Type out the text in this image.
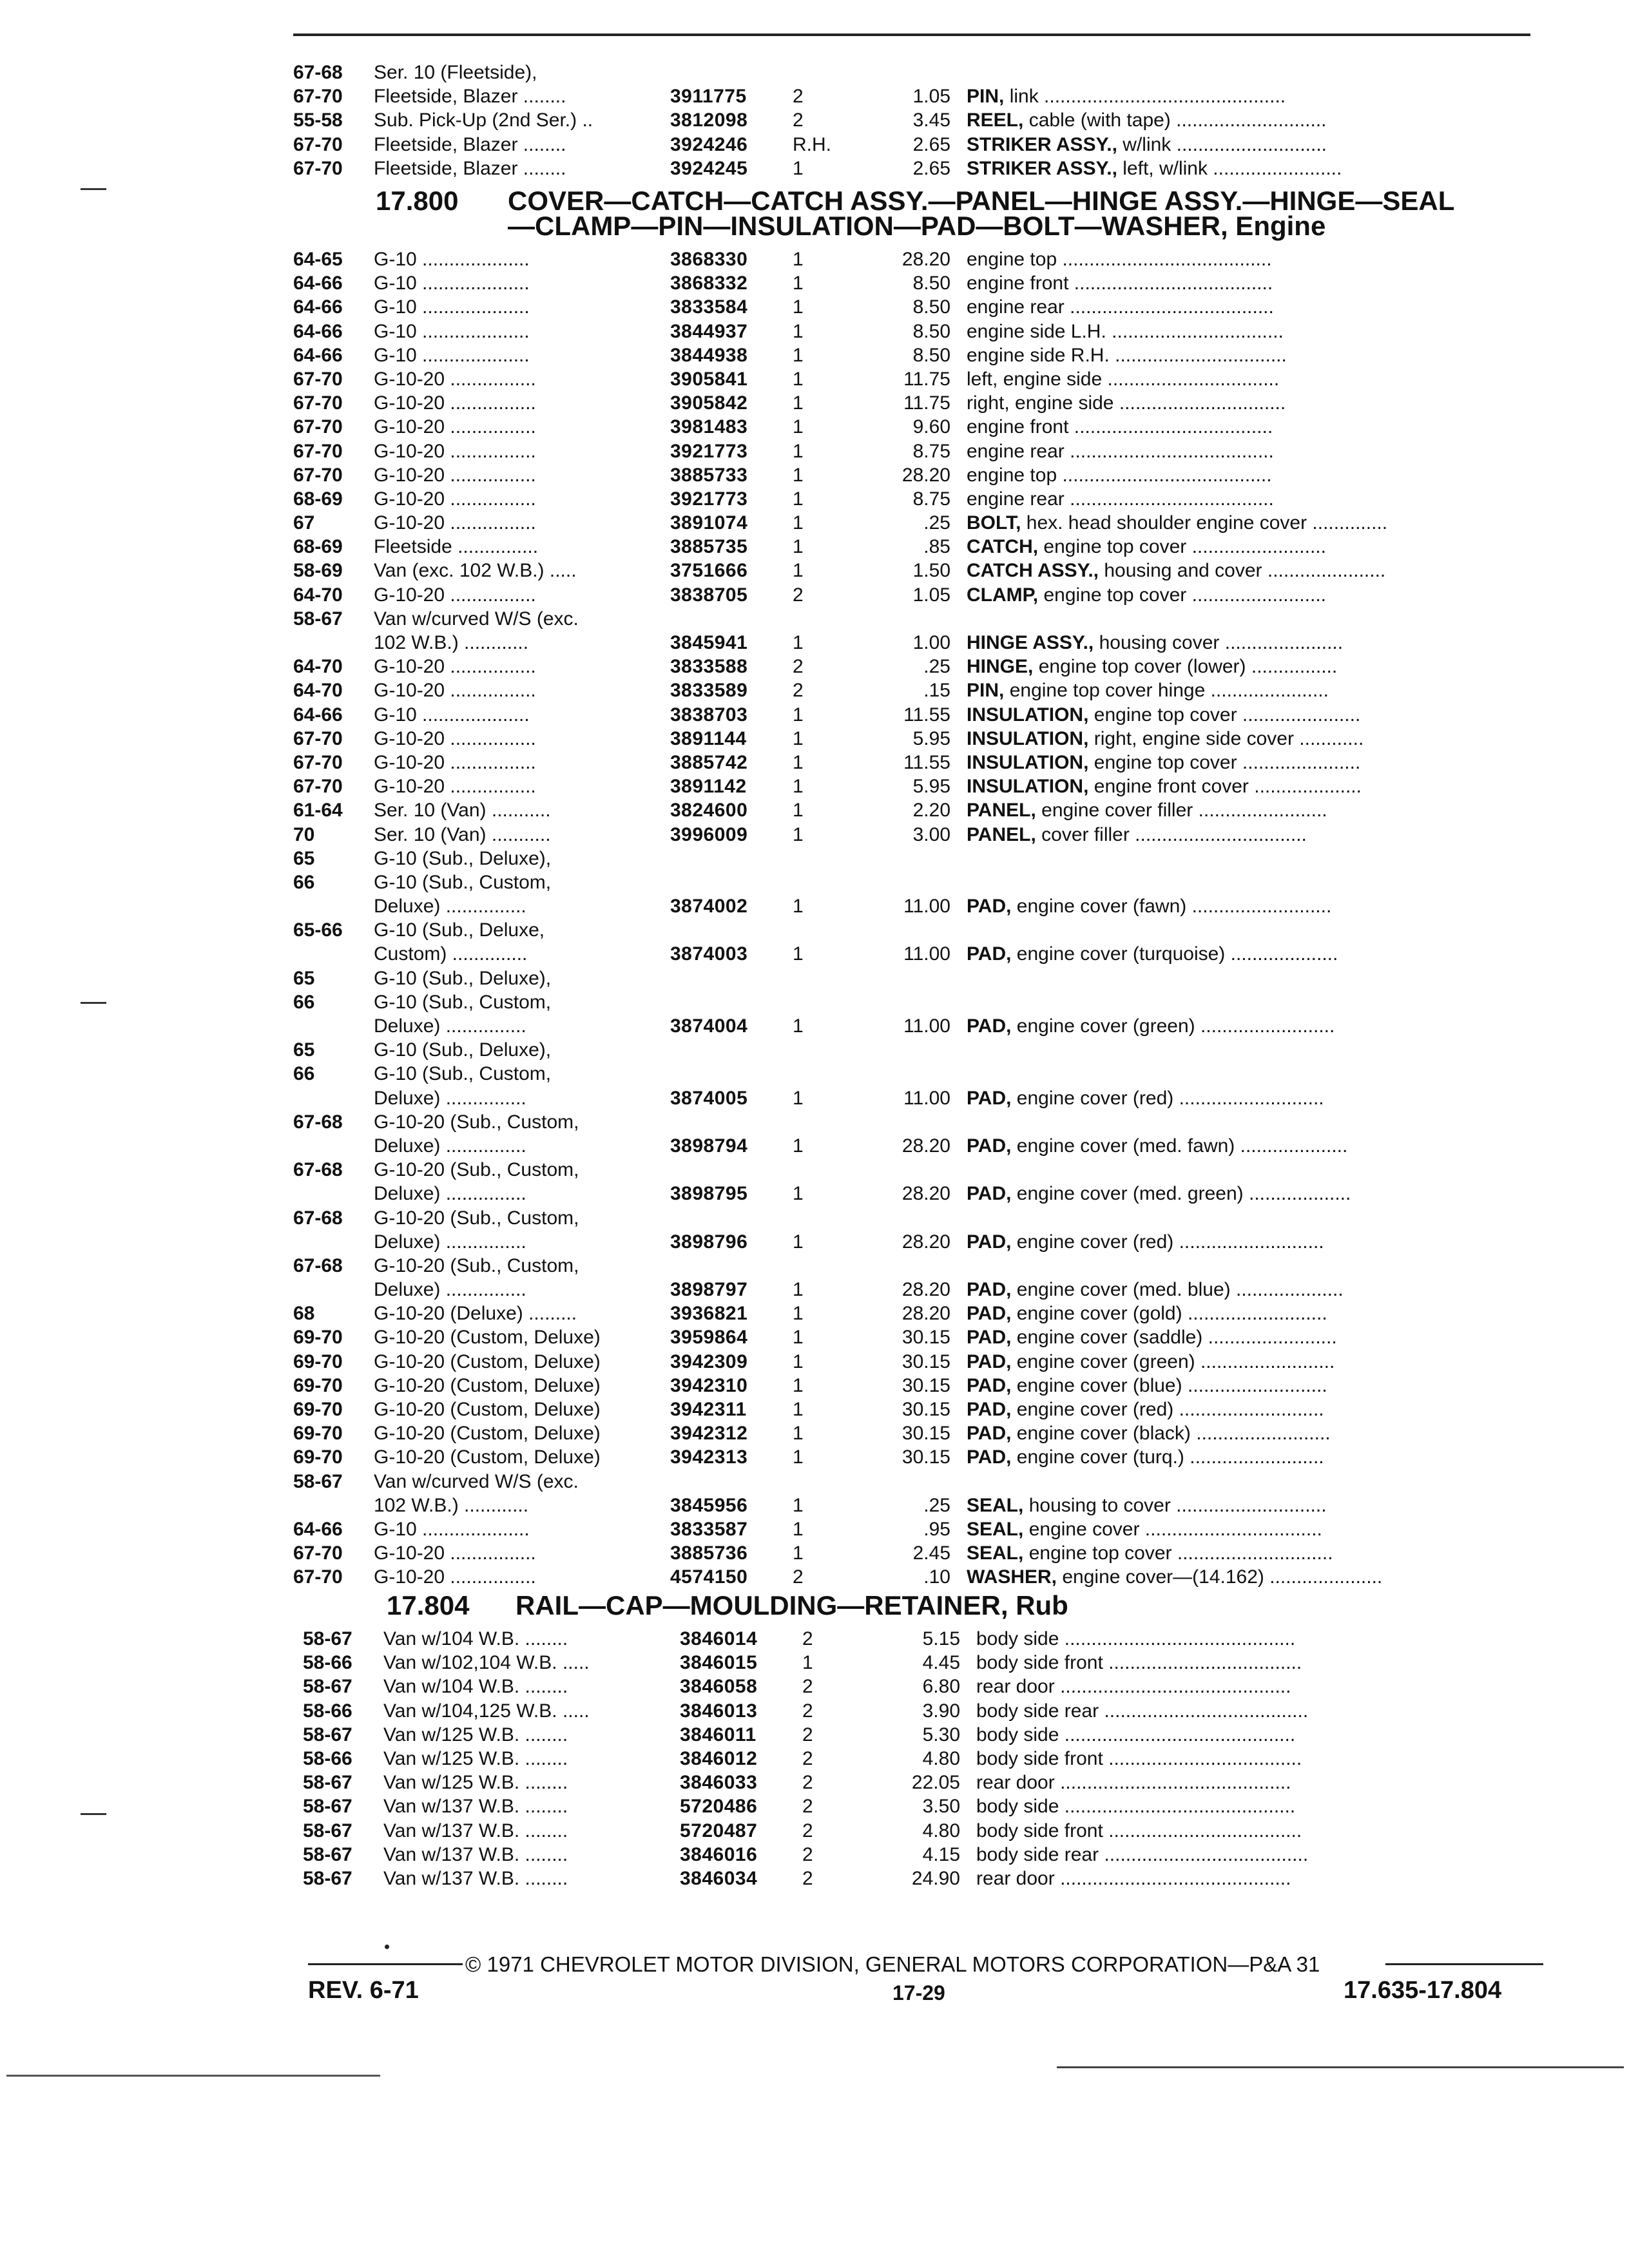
67-68 Ser. 10 (Fleetside),
67-70 Fleetside, Blazer ........	3911775 2	1.05 PIN, link .............................................
55-58 Sub. Pick-Up (2nd Ser.) ..	3812098 2	3.45 REEL, cable (with tape) ............................
67-70 Fleetside, Blazer ........	3924246 R.H.	2.65 STRIKER ASSY., w/link ............................
67-70 Fleetside, Blazer ........	3924245 1	2.65 STRIKER ASSY., left, w/link ........................
17.800 COVER—CATCH—CATCH ASSY.—PANEL—HINGE ASSY.—HINGE—SEAL
—CLAMP—PIN—INSULATION—PAD—BOLT—WASHER, Engine
64-65 G-10 ....................	3868330 1	28.20 engine top .......................................
64-66 G-10 ....................	3868332 1	8.50 engine front .....................................
64-66 G-10 ....................	3833584 1	8.50 engine rear ......................................
64-66 G-10 ....................	3844937 1	8.50 engine side L.H. ................................
64-66 G-10 ....................	3844938 1	8.50 engine side R.H. ................................
67-70 G-10-20 ................	3905841 1	11.75 left, engine side ................................
67-70 G-10-20 ................	3905842 1	11.75 right, engine side ...............................
67-70 G-10-20 ................	3981483 1	9.60 engine front .....................................
67-70 G-10-20 ................	3921773 1	8.75 engine rear ......................................
67-70 G-10-20 ................	3885733 1	28.20 engine top .......................................
68-69 G-10-20 ................	3921773 1	8.75 engine rear ......................................
67	G-10-20 ................	3891074 1	.25 BOLT, hex. head shoulder engine cover ..............
68-69 Fleetside ...............	3885735 1	.85 CATCH, engine top cover .........................
58-69 Van (exc. 102 W.B.) .....	3751666 1	1.50 CATCH ASSY., housing and cover ......................
64-70 G-10-20 ................	3838705 2	1.05 CLAMP, engine top cover .........................
58-67 Van w/curved W/S (exc.
102 W.B.) ............	3845941 1	1.00 HINGE ASSY., housing cover ......................
64-70 G-10-20 ................	3833588 2	.25 HINGE, engine top cover (lower) ................
64-70 G-10-20 ................	3833589 2	.15 PIN, engine top cover hinge ......................
64-66 G-10 ....................	3838703 1	11.55 INSULATION, engine top cover ......................
67-70 G-10-20 ................	3891144 1	5.95 INSULATION, right, engine side cover ............
67-70 G-10-20 ................	3885742 1	11.55 INSULATION, engine top cover ......................
67-70 G-10-20 ................	3891142 1	5.95 INSULATION, engine front cover ....................
61-64 Ser. 10 (Van) ...........	3824600 1	2.20 PANEL, engine cover filler ........................
70	Ser. 10 (Van) ...........	3996009 1	3.00 PANEL, cover filler ................................
65	G-10 (Sub., Deluxe),
66	G-10 (Sub., Custom,
Deluxe) ...............	3874002 1	11.00 PAD, engine cover (fawn) ..........................
65-66 G-10 (Sub., Deluxe,
Custom) ..............	3874003 1	11.00 PAD, engine cover (turquoise) ....................
65	G-10 (Sub., Deluxe),
66	G-10 (Sub., Custom,
Deluxe) ...............	3874004 1	11.00 PAD, engine cover (green) .........................
65	G-10 (Sub., Deluxe),
66	G-10 (Sub., Custom,
Deluxe) ...............	3874005 1	11.00 PAD, engine cover (red) ...........................
67-68 G-10-20 (Sub., Custom,
Deluxe) ...............	3898794 1	28.20 PAD, engine cover (med. fawn) ....................
67-68 G-10-20 (Sub., Custom,
Deluxe) ...............	3898795 1	28.20 PAD, engine cover (med. green) ...................
67-68 G-10-20 (Sub., Custom,
Deluxe) ...............	3898796 1	28.20 PAD, engine cover (red) ...........................
67-68 G-10-20 (Sub., Custom,
Deluxe) ...............	3898797 1	28.20 PAD, engine cover (med. blue) ....................
68	G-10-20 (Deluxe) .........	3936821 1	28.20 PAD, engine cover (gold) ..........................
69-70 G-10-20 (Custom, Deluxe)	3959864 1	30.15 PAD, engine cover (saddle) ........................
69-70 G-10-20 (Custom, Deluxe)	3942309 1	30.15 PAD, engine cover (green) .........................
69-70 G-10-20 (Custom, Deluxe)	3942310 1	30.15 PAD, engine cover (blue) ..........................
69-70 G-10-20 (Custom, Deluxe)	3942311 1	30.15 PAD, engine cover (red) ...........................
69-70 G-10-20 (Custom, Deluxe)	3942312 1	30.15 PAD, engine cover (black) .........................
69-70 G-10-20 (Custom, Deluxe)	3942313 1	30.15 PAD, engine cover (turq.) .........................
58-67 Van w/curved W/S (exc.
102 W.B.) ............	3845956 1	.25 SEAL, housing to cover ............................
64-66 G-10 ....................	3833587 1	.95 SEAL, engine cover .................................
67-70 G-10-20 ................	3885736 1	2.45 SEAL, engine top cover .............................
67-70 G-10-20 ................	4574150 2	.10 WASHER, engine cover—(14.162) .....................
17.804 RAIL—CAP—MOULDING—RETAINER, Rub
58-67 Van w/104 W.B. ........	3846014 2	5.15 body side ...........................................
58-66 Van w/102,104 W.B. .....	3846015 1	4.45 body side front ....................................
58-67 Van w/104 W.B. ........	3846058 2	6.80 rear door ...........................................
58-66 Van w/104,125 W.B. .....	3846013 2	3.90 body side rear ......................................
58-67 Van w/125 W.B. ........	3846011 2	5.30 body side ...........................................
58-66 Van w/125 W.B. ........	3846012 2	4.80 body side front ....................................
58-67 Van w/125 W.B. ........	3846033 2	22.05 rear door ...........................................
58-67 Van w/137 W.B. ........	5720486 2	3.50 body side ...........................................
58-67 Van w/137 W.B. ........	5720487 2	4.80 body side front ....................................
58-67 Van w/137 W.B. ........	3846016 2	4.15 body side rear ......................................
58-67 Van w/137 W.B. ........	3846034 2	24.90 rear door ...........................................
© 1971 CHEVROLET MOTOR DIVISION, GENERAL MOTORS CORPORATION—P&A 31
REV. 6-71	17-29	17.635-17.804
